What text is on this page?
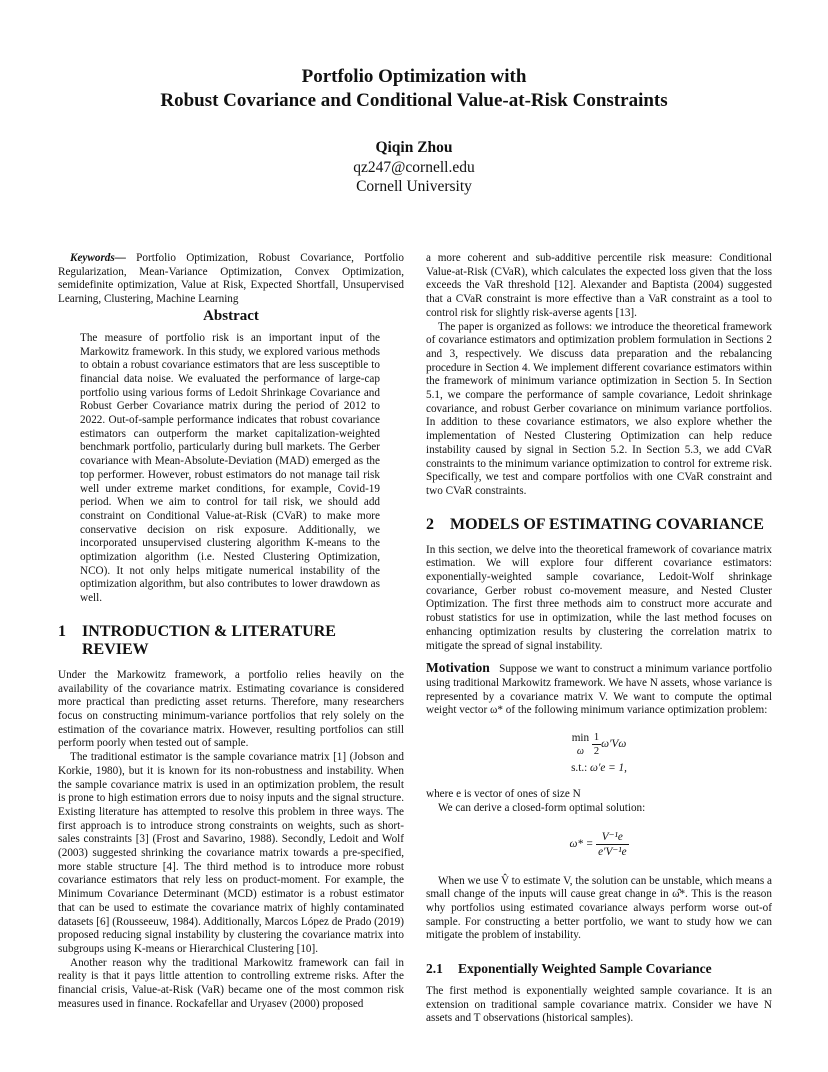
Portfolio Optimization with
Robust Covariance and Conditional Value-at-Risk Constraints
Qiqin Zhou
qz247@cornell.edu
Cornell University

Keywords— Portfolio Optimization, Robust Covariance, Portfolio Regularization, Mean-Variance Optimization, Convex Optimization, semidefinite optimization, Value at Risk, Expected Shortfall, Unsupervised Learning, Clustering, Machine Learning

Abstract

The measure of portfolio risk is an important input of the Markowitz framework. In this study, we explored various methods to obtain a robust covariance estimators that are less susceptible to financial data noise. We evaluated the performance of large-cap portfolio using various forms of Ledoit Shrinkage Covariance and Robust Gerber Covariance matrix during the period of 2012 to 2022. Out-of-sample performance indicates that robust covariance estimators can outperform the market capitalization-weighted benchmark portfolio, particularly during bull markets. The Gerber covariance with Mean-Absolute-Deviation (MAD) emerged as the top performer. However, robust estimators do not manage tail risk well under extreme market conditions, for example, Covid-19 period. When we aim to control for tail risk, we should add constraint on Conditional Value-at-Risk (CVaR) to make more conservative decision on risk exposure. Additionally, we incorporated unsupervised clustering algorithm K-means to the optimization algorithm (i.e. Nested Clustering Optimization, NCO). It not only helps mitigate numerical instability of the optimization algorithm, but also contributes to lower drawdown as well.

1 INTRODUCTION & LITERATURE
REVIEW

Under the Markowitz framework, a portfolio relies heavily on the availability of the covariance matrix. Estimating covariance is considered more practical than predicting asset returns. Therefore, many researchers focus on constructing minimum-variance portfolios that rely solely on the estimation of the covariance matrix. However, resulting portfolios can still perform poorly when tested out of sample.

The traditional estimator is the sample covariance matrix [1] (Jobson and Korkie, 1980), but it is known for its non-robustness and instability. When the sample covariance matrix is used in an optimization problem, the result is prone to high estimation errors due to noisy inputs and the signal structure. Existing literature has attempted to resolve this problem in three ways. The first approach is to introduce strong constraints on weights, such as short-sales constraints [3] (Frost and Savarino, 1988). Secondly, Ledoit and Wolf (2003) suggested shrinking the covariance matrix towards a pre-specified, more stable structure [4]. The third method is to introduce more robust covariance estimators that rely less on product-moment. For example, the Minimum Covariance Determinant (MCD) estimator is a robust estimator that can be used to estimate the covariance matrix of highly contaminated datasets [6] (Rousseeuw, 1984). Additionally, Marcos López de Prado (2019) proposed reducing signal instability by clustering the covariance matrix into subgroups using K-means or Hierarchical Clustering [10].

Another reason why the traditional Markowitz framework can fail in reality is that it pays little attention to controlling extreme risks. After the financial crisis, Value-at-Risk (VaR) became one of the most common risk measures used in finance. Rockafellar and Uryasev (2000) proposed

a more coherent and sub-additive percentile risk measure: Conditional Value-at-Risk (CVaR), which calculates the expected loss given that the loss exceeds the VaR threshold [12]. Alexander and Baptista (2004) suggested that a CVaR constraint is more effective than a VaR constraint as a tool to control risk for slightly risk-averse agents [13].

The paper is organized as follows: we introduce the theoretical framework of covariance estimators and optimization problem formulation in Sections 2 and 3, respectively. We discuss data preparation and the rebalancing procedure in Section 4. We implement different covariance estimators within the framework of minimum variance optimization in Section 5. In Section 5.1, we compare the performance of sample covariance, Ledoit shrinkage covariance, and robust Gerber covariance on minimum variance portfolios. In addition to these covariance estimators, we also explore whether the implementation of Nested Clustering Optimization can help reduce instability caused by signal in Section 5.2. In Section 5.3, we add CVaR constraints to the minimum variance optimization to control for extreme risk. Specifically, we test and compare portfolios with one CVaR constraint and two CVaR constraints.

2 MODELS OF ESTIMATING COVARIANCE

In this section, we delve into the theoretical framework of covariance matrix estimation. We will explore four different covariance estimators: exponentially-weighted sample covariance, Ledoit-Wolf shrinkage covariance, Gerber robust co-movement measure, and Nested Cluster Optimization. The first three methods aim to construct more accurate and robust statistics for use in optimization, while the last method focuses on enhancing optimization results by clustering the correlation matrix to mitigate the spread of signal instability.

Motivation Suppose we want to construct a minimum variance portfolio using traditional Markowitz framework. We have N assets, whose variance is represented by a covariance matrix V. We want to compute the optimal weight vector ω* of the following minimum variance optimization problem:

min
ω
$\frac{1}{2} \omega'V\omega$
s.t.: ω′e = 1,

where e is vector of ones of size N

We can derive a closed-form optimal solution:

$\omega* = \frac{\text{V⁻¹e}}{\text{e′V⁻¹e}}$

When we use V̂ to estimate V, the solution can be unstable, which means a small change of the inputs will cause great change in ω̂*. This is the reason why portfolios using estimated covariance always perform worse out-of sample. For constructing a better portfolio, we want to study how we can mitigate the problem of instability.

2.1 Exponentially Weighted Sample Covariance

The first method is exponentially weighted sample covariance. It is an extension on traditional sample covariance matrix. Consider we have N assets and T observations (historical samples).
